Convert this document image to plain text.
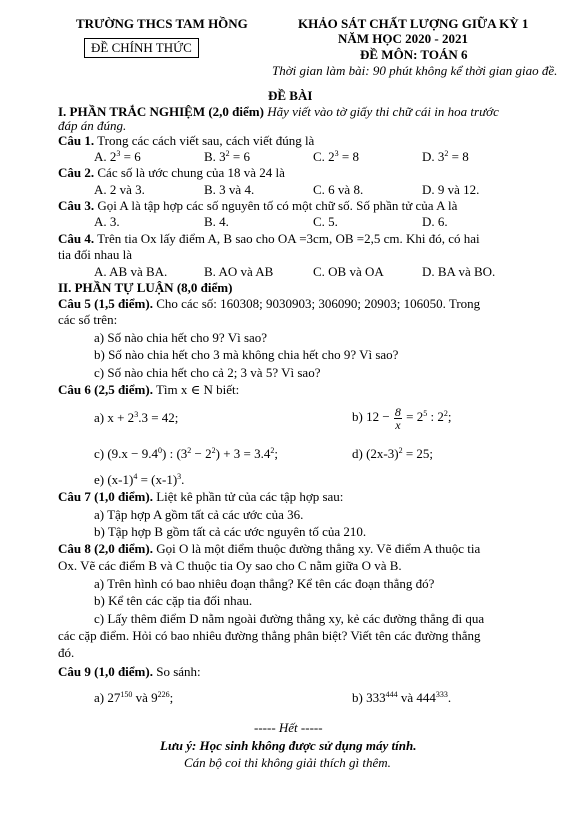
TRƯỜNG THCS TAM HỒNG
ĐỀ CHÍNH THỨC
KHẢO SÁT CHẤT LƯỢNG GIỮA KỲ 1
NĂM HỌC 2020 - 2021
ĐỀ MÔN: TOÁN 6
Thời gian làm bài: 90 phút không kể thời gian giao đề.
ĐỀ BÀI
I. PHẦN TRẮC NGHIỆM (2,0 điểm) Hãy viết vào tờ giấy thi chữ cái in hoa trước
đáp án đúng.
Câu 1. Trong các cách viết sau, cách viết đúng là
A. $2^3 = 6$	B. $3^2 = 6$	C. $2^3 = 8$	D. $3^2 = 8$
Câu 2. Các số là ước chung của 18 và 24 là
A. 2 và 3.	B. 3 và 4.	C. 6 và 8.	D. 9 và 12.
Câu 3. Gọi A là tập hợp các số nguyên tố có một chữ số. Số phần tử của A là
A. 3.	B. 4.	C. 5.	D. 6.
Câu 4. Trên tia Ox lấy điểm A, B sao cho OA =3cm, OB =2,5 cm. Khi đó, có hai
tia đối nhau là
A. AB và BA.	B. AO và AB	C. OB và OA	D. BA và BO.
II. PHẦN TỰ LUẬN (8,0 điểm)
Câu 5 (1,5 điểm). Cho các số: 160308; 9030903; 306090; 20903; 106050. Trong
các số trên:
a) Số nào chia hết cho 9? Vì sao?
b) Số nào chia hết cho 3 mà không chia hết cho 9? Vì sao?
c) Số nào chia hết cho cả 2; 3 và 5? Vì sao?
Câu 6 (2,5 điểm). Tìm x ∈ N biết:
a) $x + 2^3.3 = 42$;	b) $12 - \frac{8}{x} = 2^5$ : $2^2$;
c) $(9.x - 9.4^0)$ : $(3^2 - 2^2) + 3 = 3.4^2$;	d) $(2x-3)^2 = 25$;
e) $(x-1)^4 = (x-1)^3$.
Câu 7 (1,0 điểm). Liệt kê phần tử của các tập hợp sau:
a) Tập hợp A gồm tất cả các ước của 36.
b) Tập hợp B gồm tất cả các ước nguyên tố của 210.
Câu 8 (2,0 điểm). Gọi O là một điểm thuộc đường thẳng xy. Vẽ điểm A thuộc tia
Ox. Vẽ các điểm B và C thuộc tia Oy sao cho C nằm giữa O và B.
a) Trên hình có bao nhiêu đoạn thẳng? Kể tên các đoạn thẳng đó?
b) Kể tên các cặp tia đối nhau.
c) Lấy thêm điểm D nằm ngoài đường thẳng xy, kẻ các đường thẳng đi qua
các cặp điểm. Hỏi có bao nhiêu đường thẳng phân biệt? Viết tên các đường thẳng
đó.
Câu 9 (1,0 điểm). So sánh:
a) $27^{150}$ và $9^{226}$;	b) $333^{444}$ và $444^{333}$.
----- Hết -----
Lưu ý: Học sinh không được sử dụng máy tính.
Cán bộ coi thi không giải thích gì thêm.
